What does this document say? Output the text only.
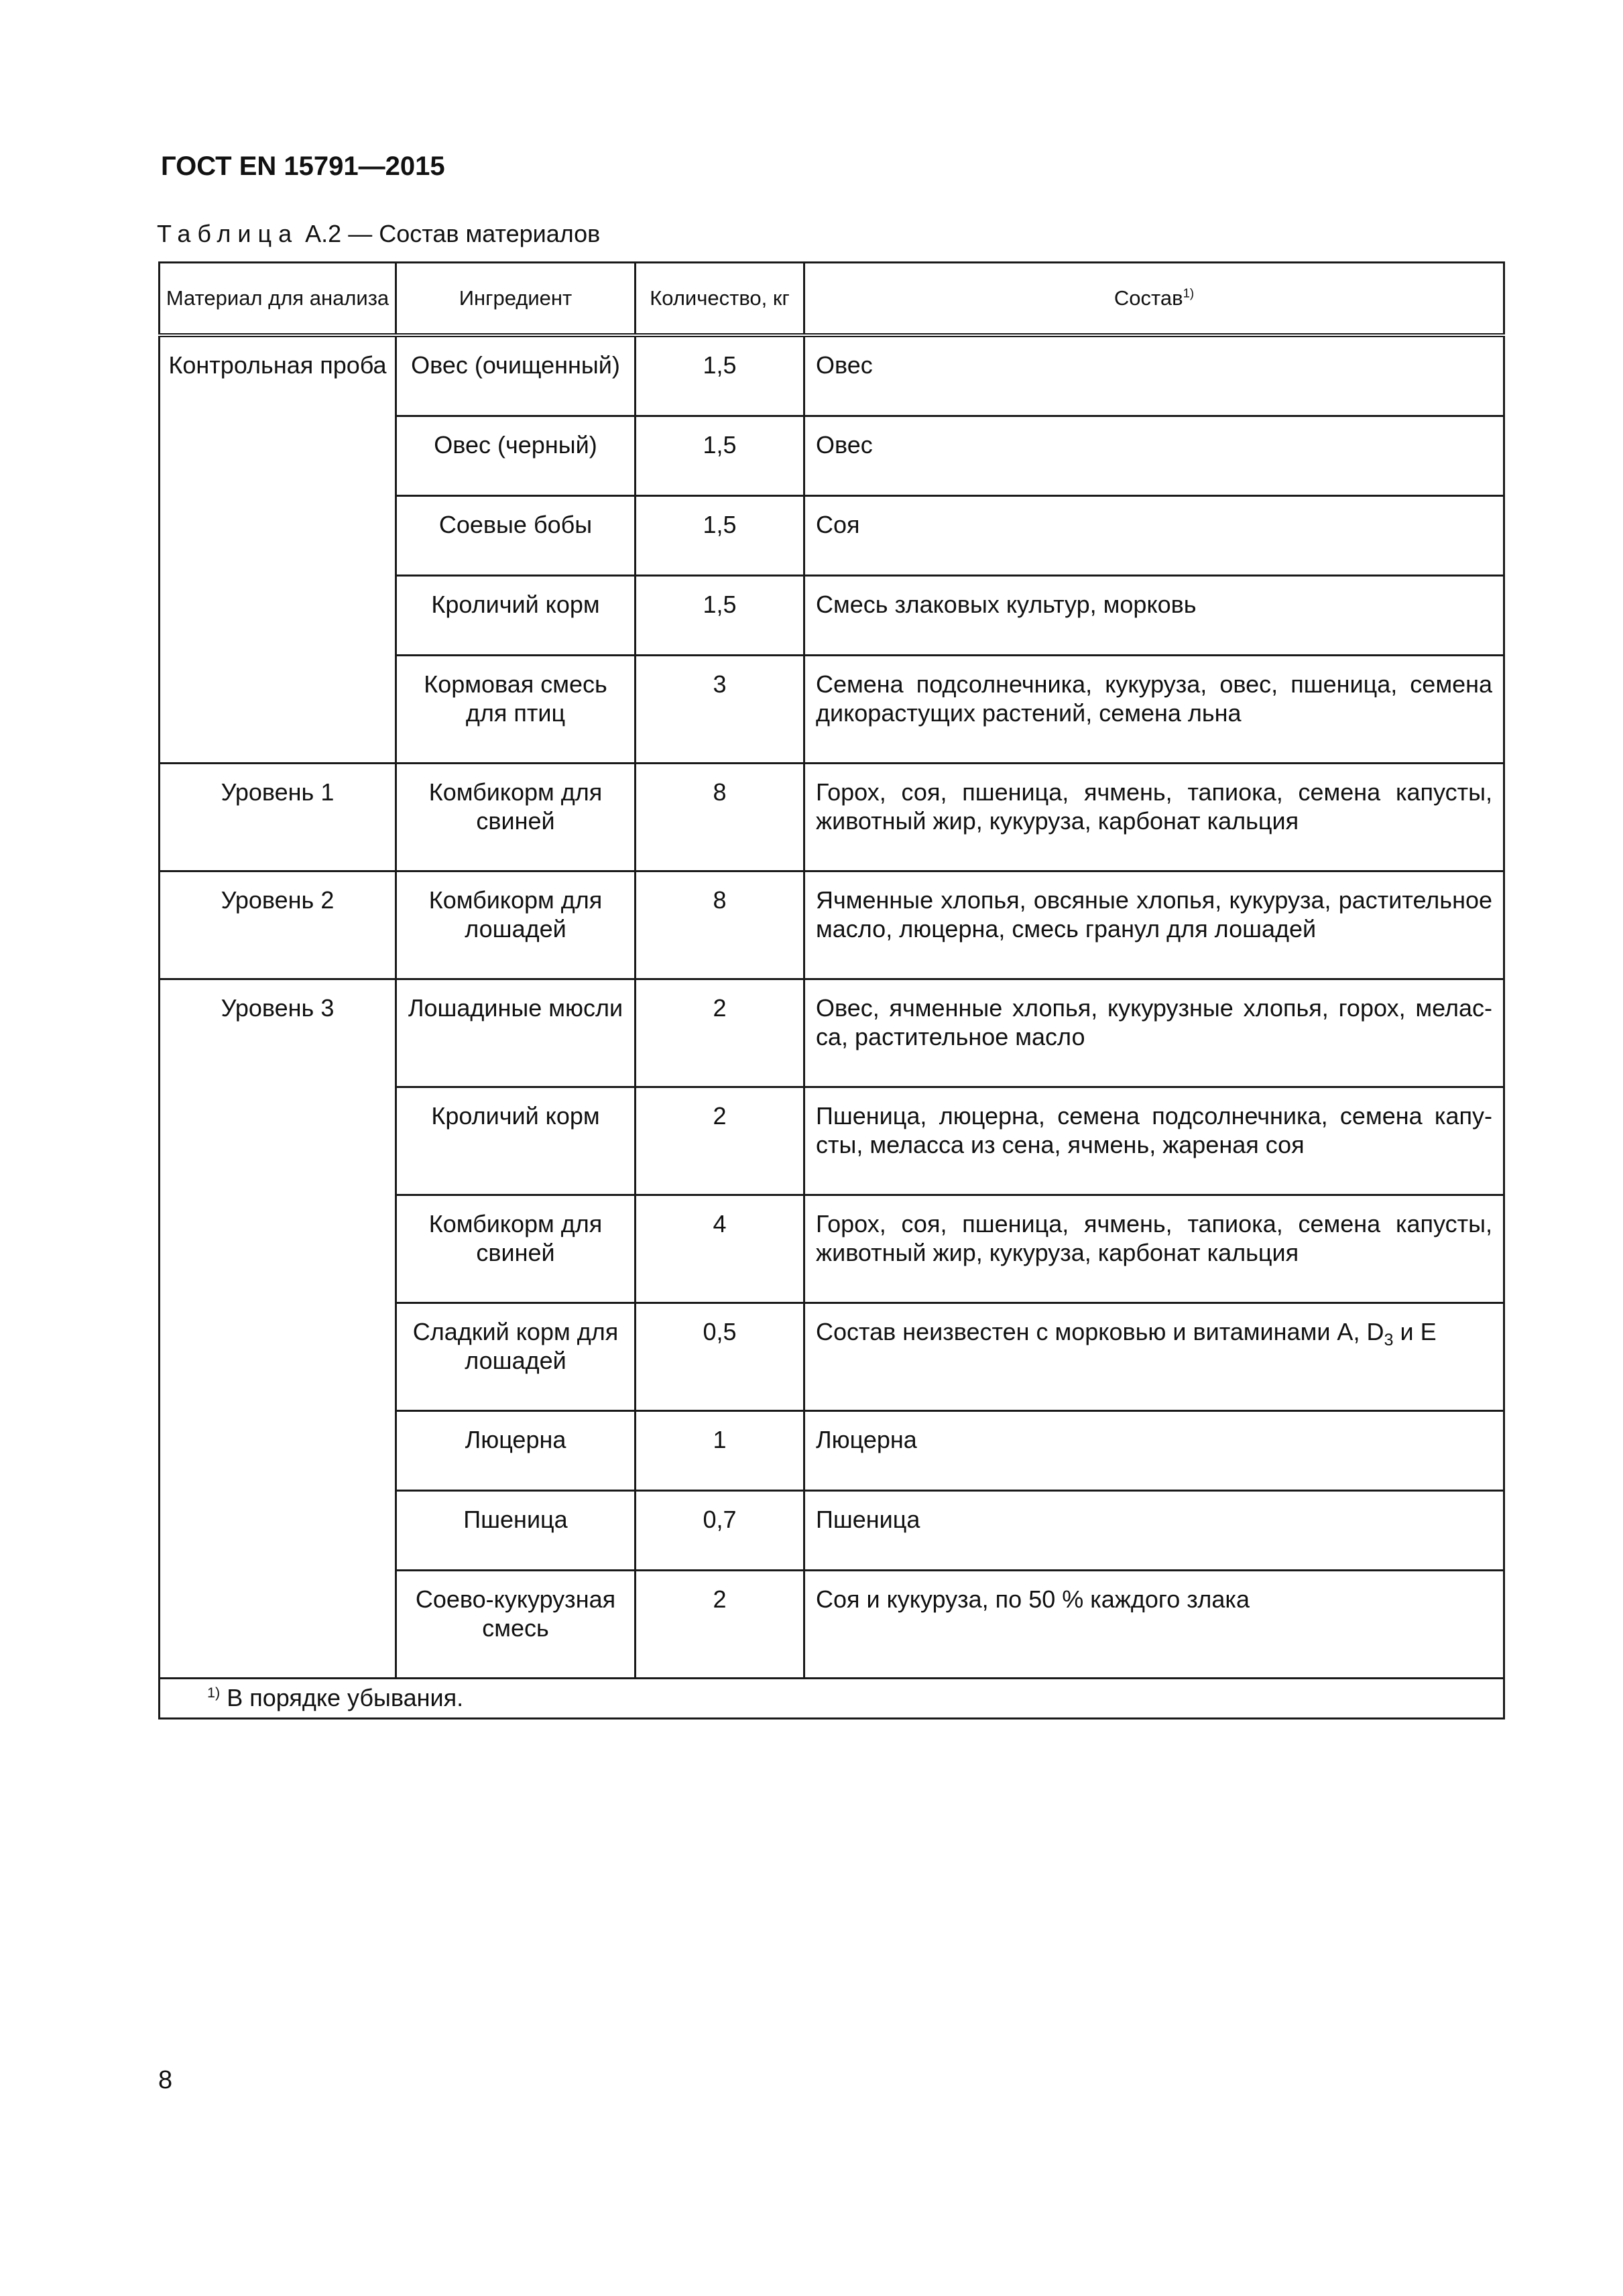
ГОСТ EN 15791—2015

Таблица А.2 — Состав материалов

Материал для анализа	Ингредиент	Количество, кг	Состав$^{1)}$
Контрольная проба	Овес (очищенный)	1,5	Овес
	Овес (черный)	1,5	Овес
	Соевые бобы	1,5	Соя
	Кроличий корм	1,5	Смесь злаковых культур, морковь
	Кормовая смесь для птиц	3	Семена подсолнечника, кукуруза, овес, пшеница, семена дикорастущих растений, семена льна
Уровень 1	Комбикорм для свиней	8	Горох, соя, пшеница, ячмень, тапиока, семена капусты, животный жир, кукуруза, карбонат кальция
Уровень 2	Комбикорм для лошадей	8	Ячменные хлопья, овсяные хлопья, кукуруза, растительное масло, люцерна, смесь гранул для лошадей
Уровень 3	Лошадиные мюсли	2	Овес, ячменные хлопья, кукурузные хлопья, горох, меласса, растительное масло
	Кроличий корм	2	Пшеница, люцерна, семена подсолнечника, семена капусты, меласса из сена, ячмень, жареная соя
	Комбикорм для свиней	4	Горох, соя, пшеница, ячмень, тапиока, семена капусты, животный жир, кукуруза, карбонат кальция
	Сладкий корм для лошадей	0,5	Состав неизвестен с морковью и витаминами А, $D_3$ и Е
	Люцерна	1	Люцерна
	Пшеница	0,7	Пшеница
	Соево-кукурузная смесь	2	Соя и кукуруза, по 50 % каждого злака
$^{1)}$ В порядке убывания.			

8
